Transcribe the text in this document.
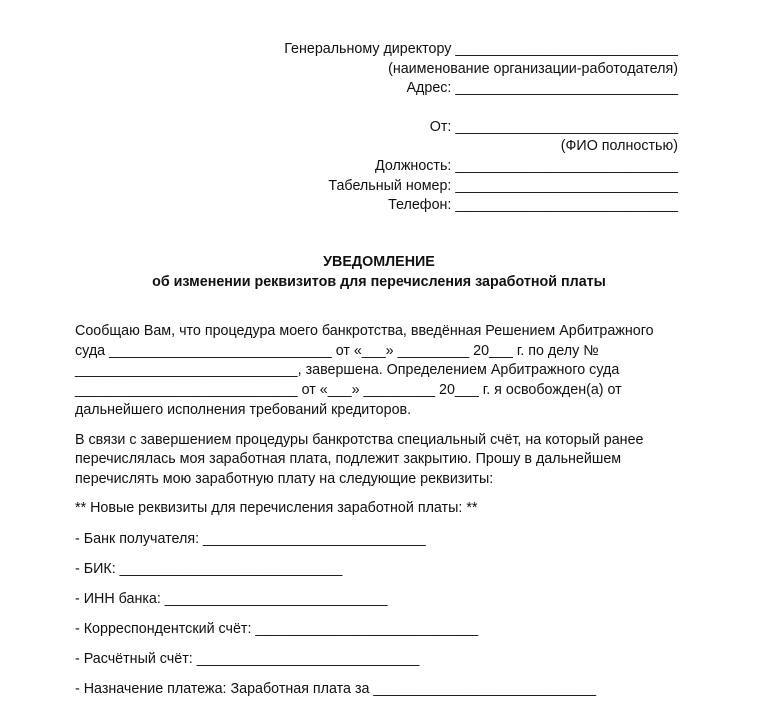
Генеральному директору ____________________________
(наименование организации-работодателя)
Адрес: ____________________________
От: ____________________________
(ФИО полностью)
Должность: ____________________________
Табельный номер: ____________________________
Телефон: ____________________________
УВЕДОМЛЕНИЕ
об изменении реквизитов для перечисления заработной платы
Сообщаю Вам, что процедура моего банкротства, введённая Решением Арбитражного
суда ____________________________ от «___» _________ 20___ г. по делу №
____________________________, завершена. Определением Арбитражного суда
____________________________ от «___» _________ 20___ г. я освобожден(а) от
дальнейшего исполнения требований кредиторов.
В связи с завершением процедуры банкротства специальный счёт, на который ранее
перечислялась моя заработная плата, подлежит закрытию. Прошу в дальнейшем
перечислять мою заработную плату на следующие реквизиты:
** Новые реквизиты для перечисления заработной платы: **
- Банк получателя: ____________________________
- БИК: ____________________________
- ИНН банка: ____________________________
- Корреспондентский счёт: ____________________________
- Расчётный счёт: ____________________________
- Назначение платежа: Заработная плата за ____________________________
